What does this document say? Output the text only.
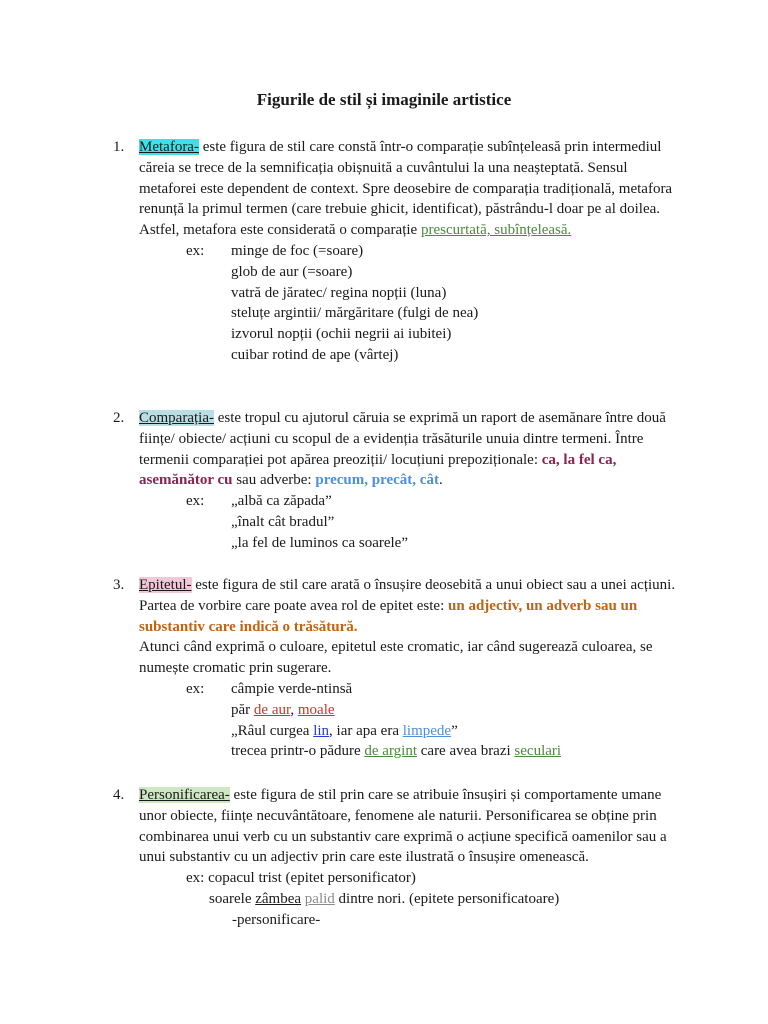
Figurile de stil și imaginile artistice
1. Metafora- este figura de stil care constă într-o comparație subînțeleasă prin intermediul căreia se trece de la semnificația obișnuită a cuvântului la una neașteptată. Sensul metaforei este dependent de context. Spre deosebire de comparația tradițională, metafora renunță la primul termen (care trebuie ghicit, identificat), păstrându-l doar pe al doilea. Astfel, metafora este considerată o comparație prescurtată, subînțeleasă.

ex: minge de foc (=soare)
glob de aur (=soare)
vatră de jăratec/ regina nopții (luna)
steluțe argintii/ mărgăritare (fulgi de nea)
izvorul nopții (ochii negrii ai iubitei)
cuibar rotind de ape (vârtej)
2. Comparația- este tropul cu ajutorul căruia se exprimă un raport de asemănare între două ființe/ obiecte/ acțiuni cu scopul de a evidenția trăsăturile unuia dintre termeni. Între termenii comparației pot apărea preoziții/ locuțiuni prepoziționale: ca, la fel ca, asemănător cu sau adverbe: precum, precât, cât.

ex: „albă ca zăpada”
„înalt cât bradul”
„la fel de luminos ca soarele”
3. Epitetul- este figura de stil care arată o însușire deosebită a unui obiect sau a unei acțiuni. Partea de vorbire care poate avea rol de epitet este: un adjectiv, un adverb sau un substantiv care indică o trăsătură.

Atunci când exprimă o culoare, epitetul este cromatic, iar când sugerează culoarea, se numește cromatic prin sugerare.

ex: câmpie verde-ntinsă
păr de aur, moale
„Râul curgea lin, iar apa era limpede”
trecea printr-o pădure de argint care avea brazi seculari
4. Personificarea- este figura de stil prin care se atribuie însușiri și comportamente umane unor obiecte, ființe necuvântătoare, fenomene ale naturii. Personificarea se obține prin combinarea unui verb cu un substantiv care exprimă o acțiune specifică oamenilor sau a unui substantiv cu un adjectiv prin care este ilustrată o însușire omenească.

ex: copacul trist (epitet personificator)
soarele zâmbea palid dintre nori. (epitete personificatoare)
-personificare-
